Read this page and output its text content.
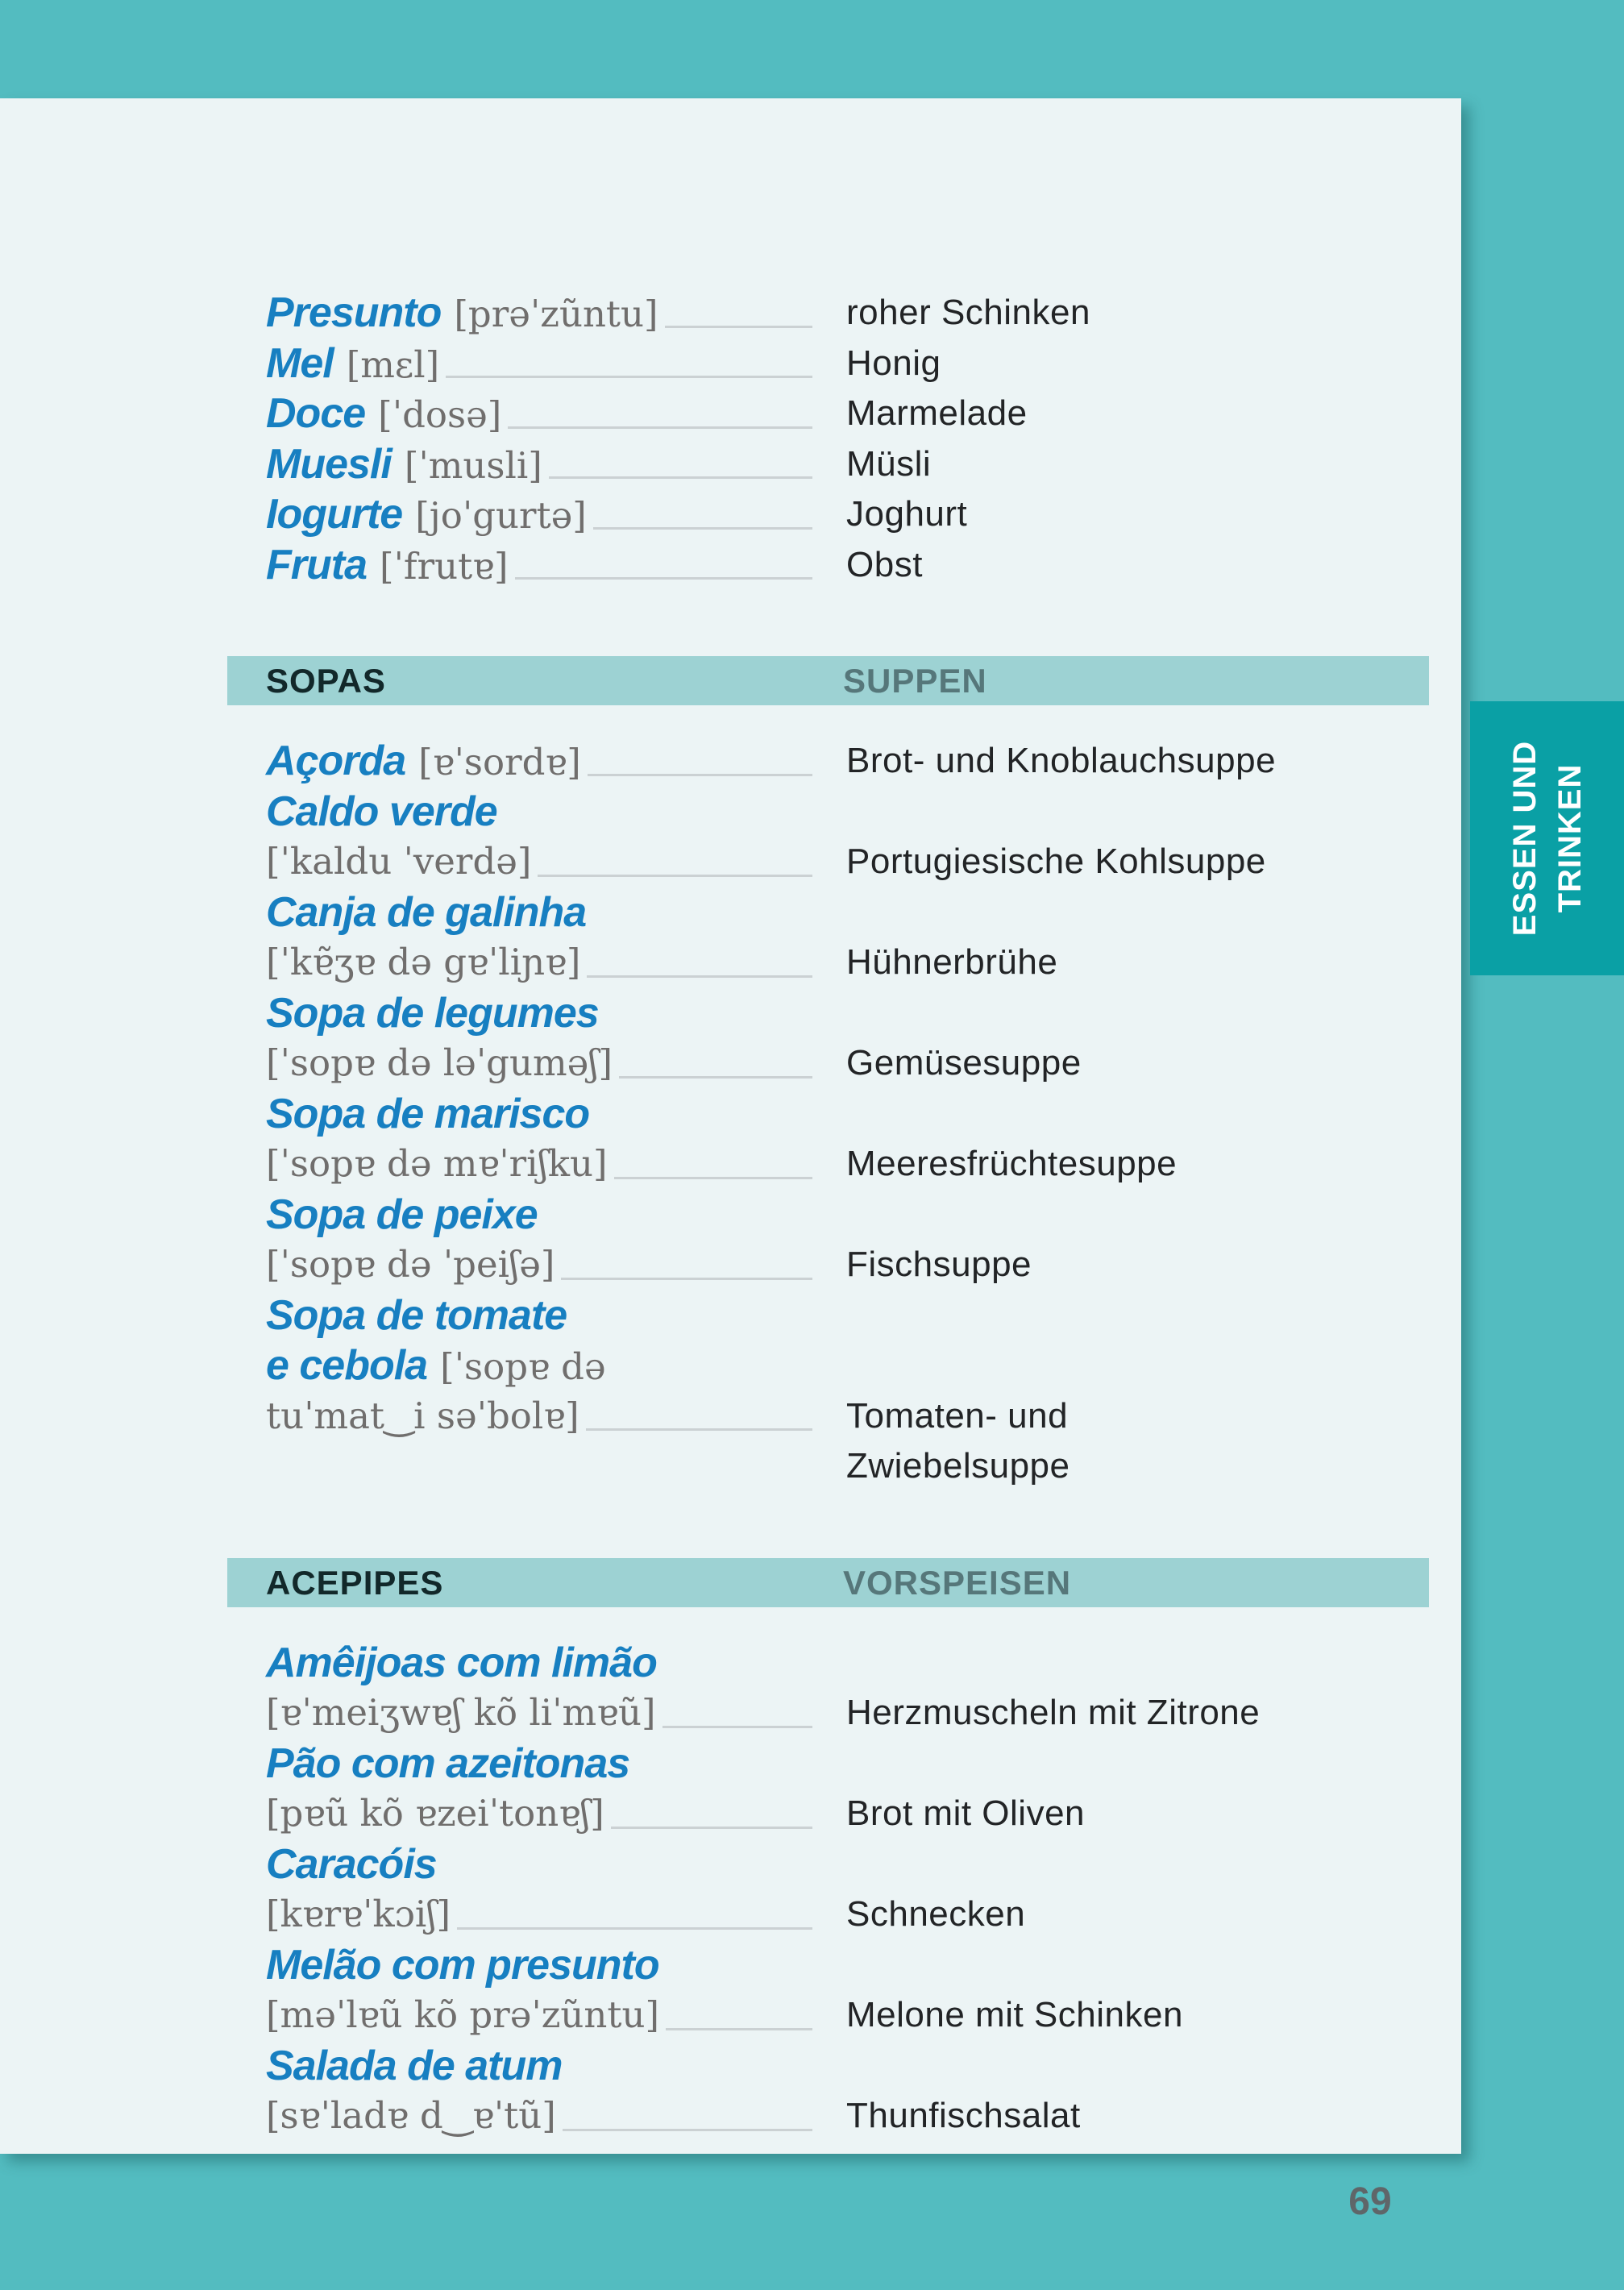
Presunto [prəˈzũntu]	roher Schinken
Mel [mɛl]	Honig
Doce [ˈdosə]	Marmelade
Muesli [ˈmusli]	Müsli
Iogurte [joˈgurtə]	Joghurt
Fruta [ˈfrutɐ]	Obst
SOPAS	SUPPEN
Açorda [ɐˈsordɐ]	Brot- und Knoblauchsuppe
Caldo verde
[ˈkaldu ˈverdə]	Portugiesische Kohlsuppe
Canja de galinha
[ˈkɐ̃ʒɐ də gɐˈliɲɐ]	Hühnerbrühe
Sopa de legumes
[ˈsopɐ də ləˈguməʃ]	Gemüsesuppe
Sopa de marisco
[ˈsopɐ də mɐˈriʃku]	Meeresfrüchtesuppe
Sopa de peixe
[ˈsopɐ də ˈpeiʃə]	Fischsuppe
Sopa de tomate
e cebola [ˈsopɐ də
tuˈmat‿i səˈbolɐ]	Tomaten- und
Zwiebelsuppe
ACEPIPES	VORSPEISEN
Amêijoas com limão
[ɐˈmeiʒwɐʃ kõ liˈmɐũ]	Herzmuscheln mit Zitrone
Pão com azeitonas
[pɐũ kõ ɐzeiˈtonɐʃ]	Brot mit Oliven
Caracóis
[kɐrɐˈkɔiʃ]	Schnecken
Melão com presunto
[məˈlɐũ kõ prəˈzũntu]	Melone mit Schinken
Salada de atum
[sɐˈladɐ d‿ɐˈtũ]	Thunfischsalat
ESSEN UND TRINKEN
69
